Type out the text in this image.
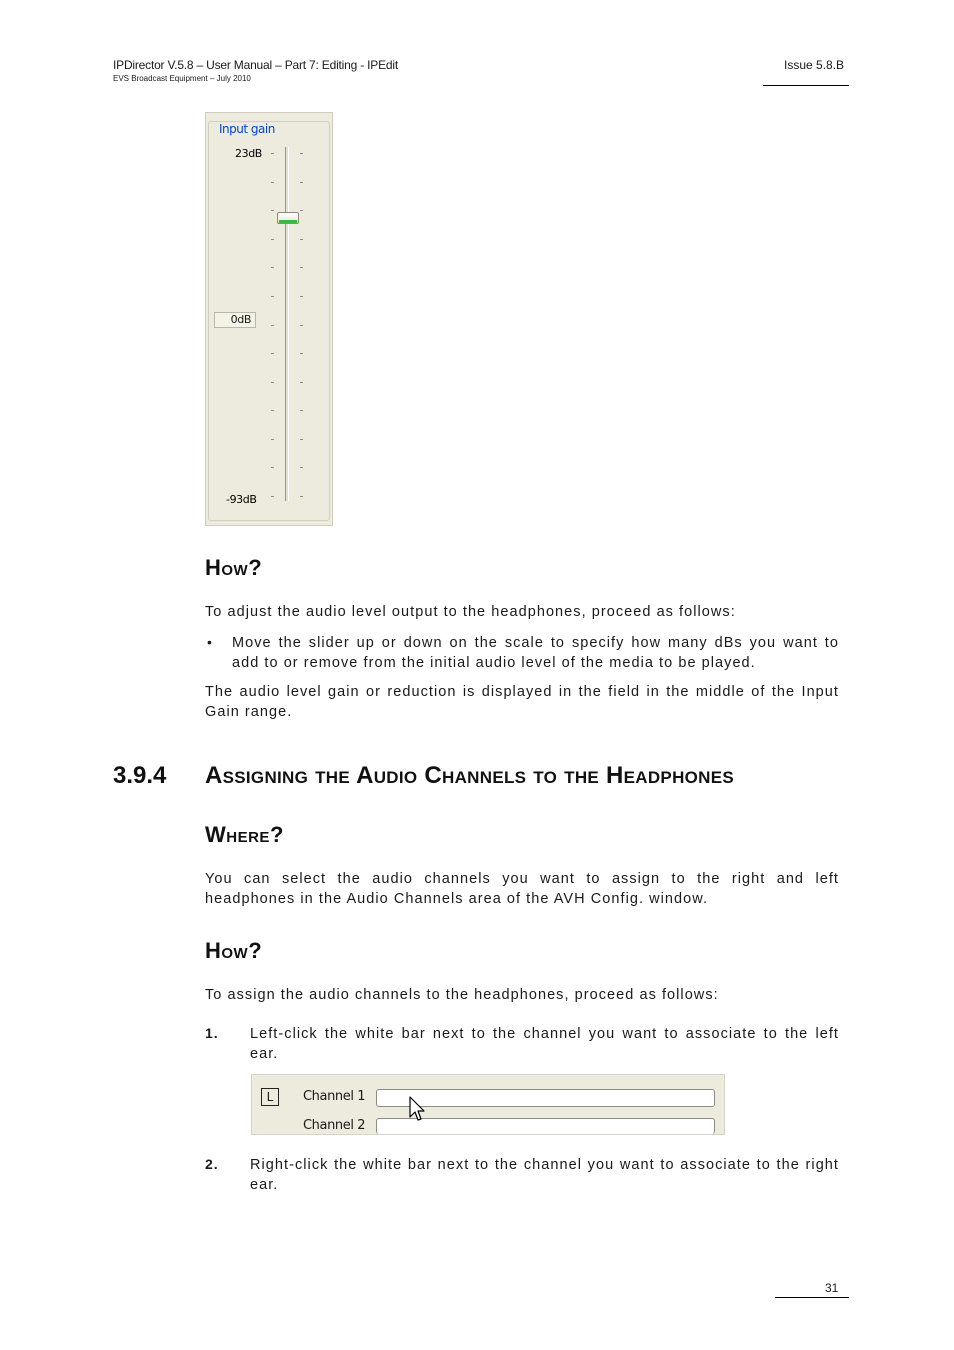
IPDirector V.5.8 – User Manual – Part 7: Editing - IPEdit
EVS Broadcast Equipment – July 2010
Issue 5.8.B
Input gain
23dB
0dB
-93dB
How?
To adjust the audio level output to the headphones, proceed as follows:
• Move the slider up or down on the scale to specify how many dBs you want to add to or remove from the initial audio level of the media to be played.
The audio level gain or reduction is displayed in the field in the middle of the Input Gain range.
3.9.4 Assigning the Audio Channels to the Headphones
Where?
You can select the audio channels you want to assign to the right and left headphones in the Audio Channels area of the AVH Config. window.
How?
To assign the audio channels to the headphones, proceed as follows:
1. Left-click the white bar next to the channel you want to associate to the left ear.
L	Channel 1
Channel 2
2. Right-click the white bar next to the channel you want to associate to the right ear.
31
